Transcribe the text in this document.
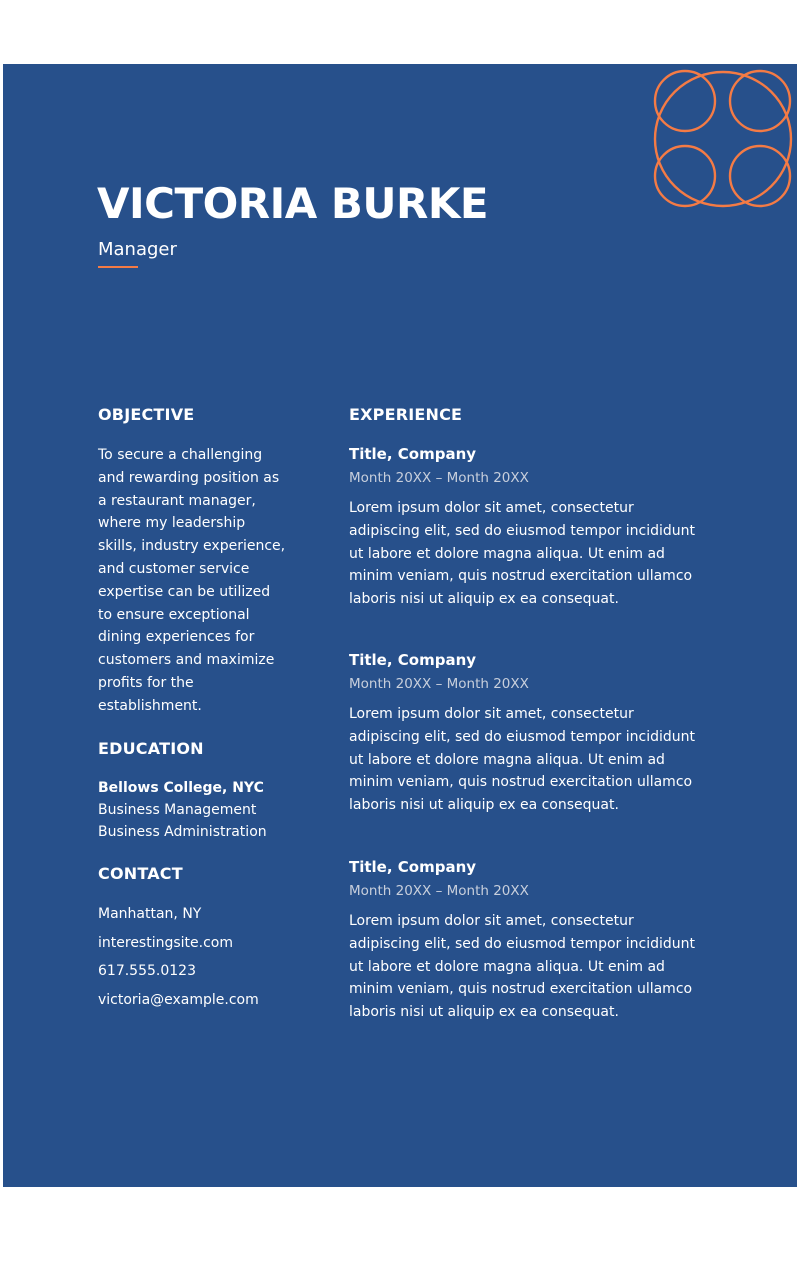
VICTORIA BURKE
Manager
OBJECTIVE
To secure a challenging and rewarding position as a restaurant manager, where my leadership skills, industry experience, and customer service expertise can be utilized to ensure exceptional dining experiences for customers and maximize profits for the establishment.
EDUCATION
Bellows College, NYC
Business Management
Business Administration
CONTACT
Manhattan, NY
interestingsite.com
617.555.0123
victoria@example.com
EXPERIENCE
Title, Company
Month 20XX – Month 20XX
Lorem ipsum dolor sit amet, consectetur adipiscing elit, sed do eiusmod tempor incididunt ut labore et dolore magna aliqua. Ut enim ad minim veniam, quis nostrud exercitation ullamco laboris nisi ut aliquip ex ea consequat.
Title, Company
Month 20XX – Month 20XX
Lorem ipsum dolor sit amet, consectetur adipiscing elit, sed do eiusmod tempor incididunt ut labore et dolore magna aliqua. Ut enim ad minim veniam, quis nostrud exercitation ullamco laboris nisi ut aliquip ex ea consequat.
Title, Company
Month 20XX – Month 20XX
Lorem ipsum dolor sit amet, consectetur adipiscing elit, sed do eiusmod tempor incididunt ut labore et dolore magna aliqua. Ut enim ad minim veniam, quis nostrud exercitation ullamco laboris nisi ut aliquip ex ea consequat.
